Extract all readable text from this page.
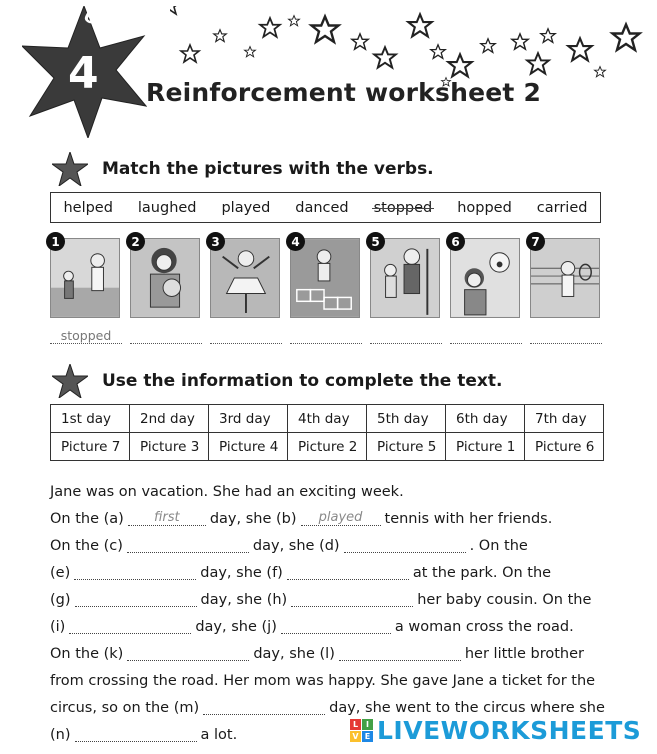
Unit
4 Reinforcement worksheet 2
Match the pictures with the verbs.
helped laughed played danced stopped hopped carried
1	2	3	4	5	6	7
stopped
Use the information to complete the text.
1st day	2nd day	3rd day	4th day	5th day	6th day	7th day
Picture 7	Picture 3	Picture 4	Picture 2	Picture 5	Picture 1	Picture 6
Jane was on vacation. She had an exciting week.
On the (a)	first	day, she (b)	played	tennis with her friends.
On the (c)	day, she (d)	. On the
(e)	day, she (f)	at the park. On the
(g)	day, she (h)	her baby cousin. On the
(i)	day, she (j)	a woman cross the road.
On the (k)	day, she (l)	her little brother
from crossing the road. Her mom was happy. She gave Jane a ticket for the
circus, so on the (m)	day, she went to the circus where she
(n)	a lot.
L I
V E LIVEWORKSHEETS
